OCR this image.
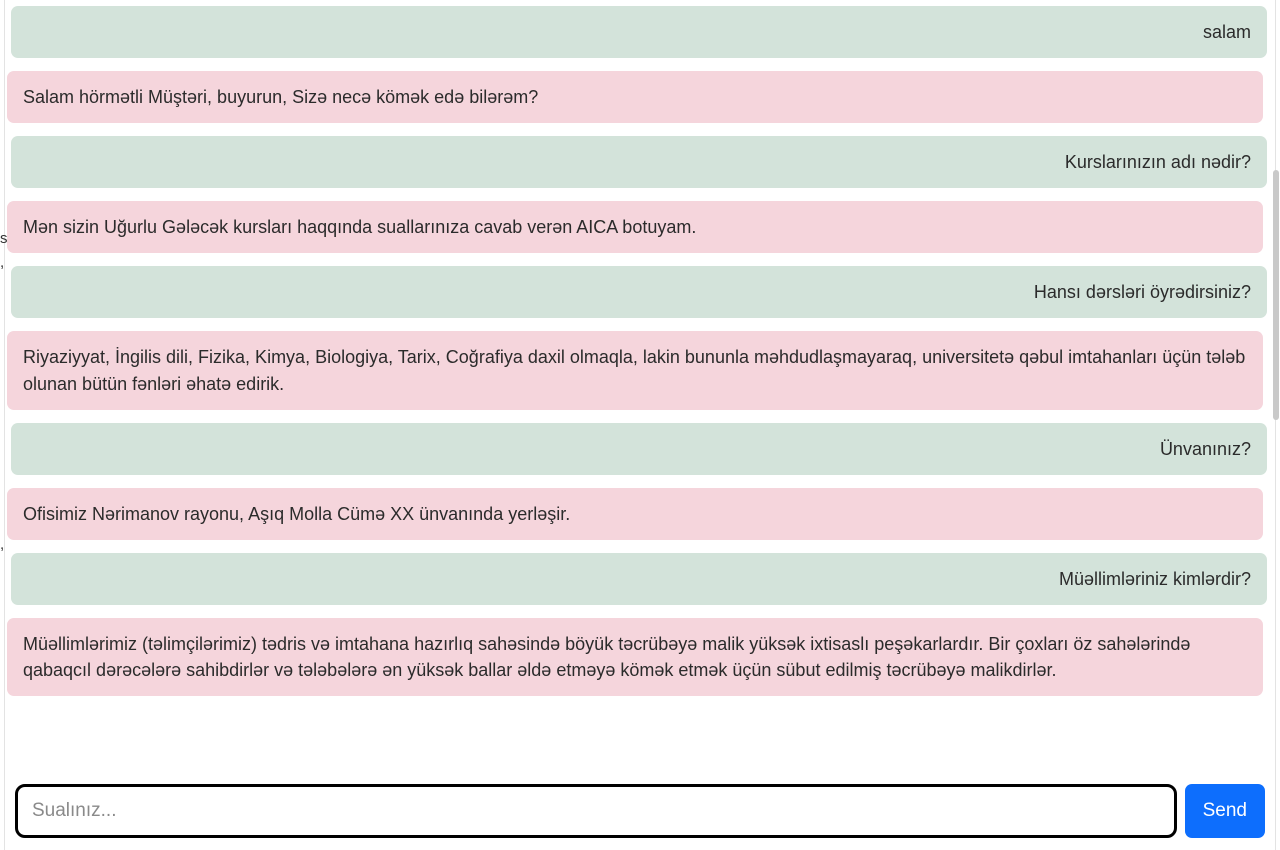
s
,
,
salam
Salam hörmətli Müştəri, buyurun, Sizə necə kömək edə bilərəm?
Kurslarınızın adı nədir?
Mən sizin Uğurlu Gələcək kursları haqqında suallarınıza cavab verən AICA botuyam.
Hansı dərsləri öyrədirsiniz?
Riyaziyyat, İngilis dili, Fizika, Kimya, Biologiya, Tarix, Coğrafiya daxil olmaqla, lakin bununla məhdudlaşmayaraq, universitetə qəbul imtahanları üçün tələb olunan bütün fənləri əhatə edirik.
Ünvanınız?
Ofisimiz Nərimanov rayonu, Aşıq Molla Cümə XX ünvanında yerləşir.
Müəllimləriniz kimlərdir?
Müəllimlərimiz (təlimçilərimiz) tədris və imtahana hazırlıq sahəsində böyük təcrübəyə malik yüksək ixtisaslı peşəkarlardır. Bir çoxları öz sahələrində qabaqcıl dərəcələrə sahibdirlər və tələbələrə ən yüksək ballar əldə etməyə kömək etmək üçün sübut edilmiş təcrübəyə malikdirlər.
Sualınız...
Send
